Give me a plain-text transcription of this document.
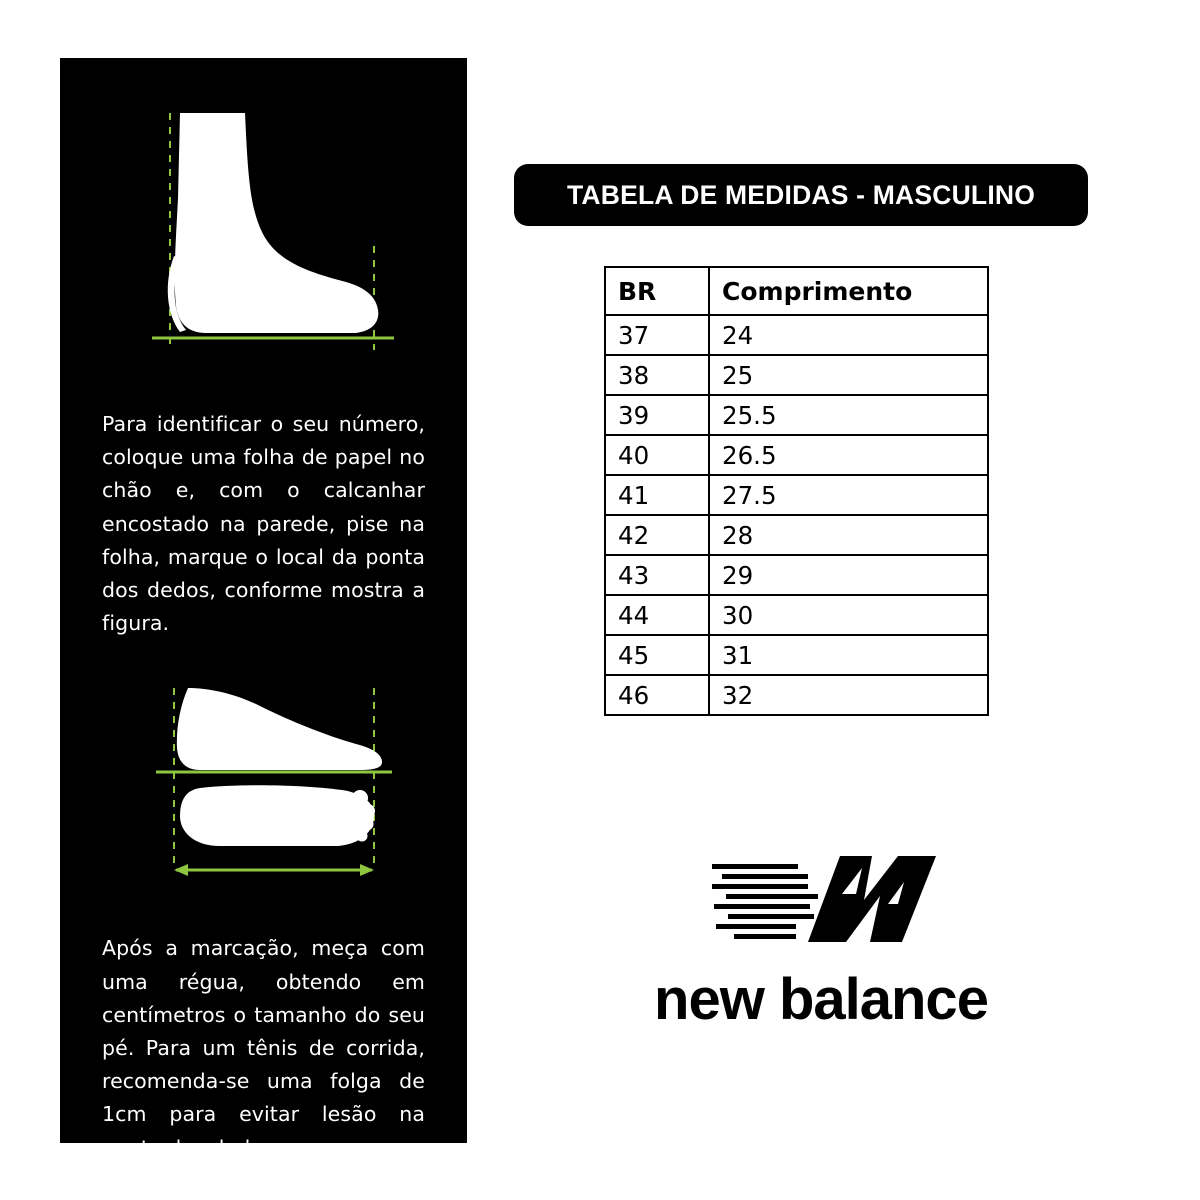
Para identificar o seu número, coloque uma folha de papel no chão e, com o calcanhar encostado na parede, pise na folha, marque o local da ponta dos dedos, conforme mostra a figura.
Após a marcação, meça com uma régua, obtendo em centímetros o tamanho do seu pé. Para um tênis de corrida, recomenda-se uma folga de 1cm para evitar lesão na ponta dos dedos.
TABELA DE MEDIDAS - MASCULINO
BR	Comprimento
37	24
38	25
39	25.5
40	26.5
41	27.5
42	28
43	29
44	30
45	31
46	32
new balance
